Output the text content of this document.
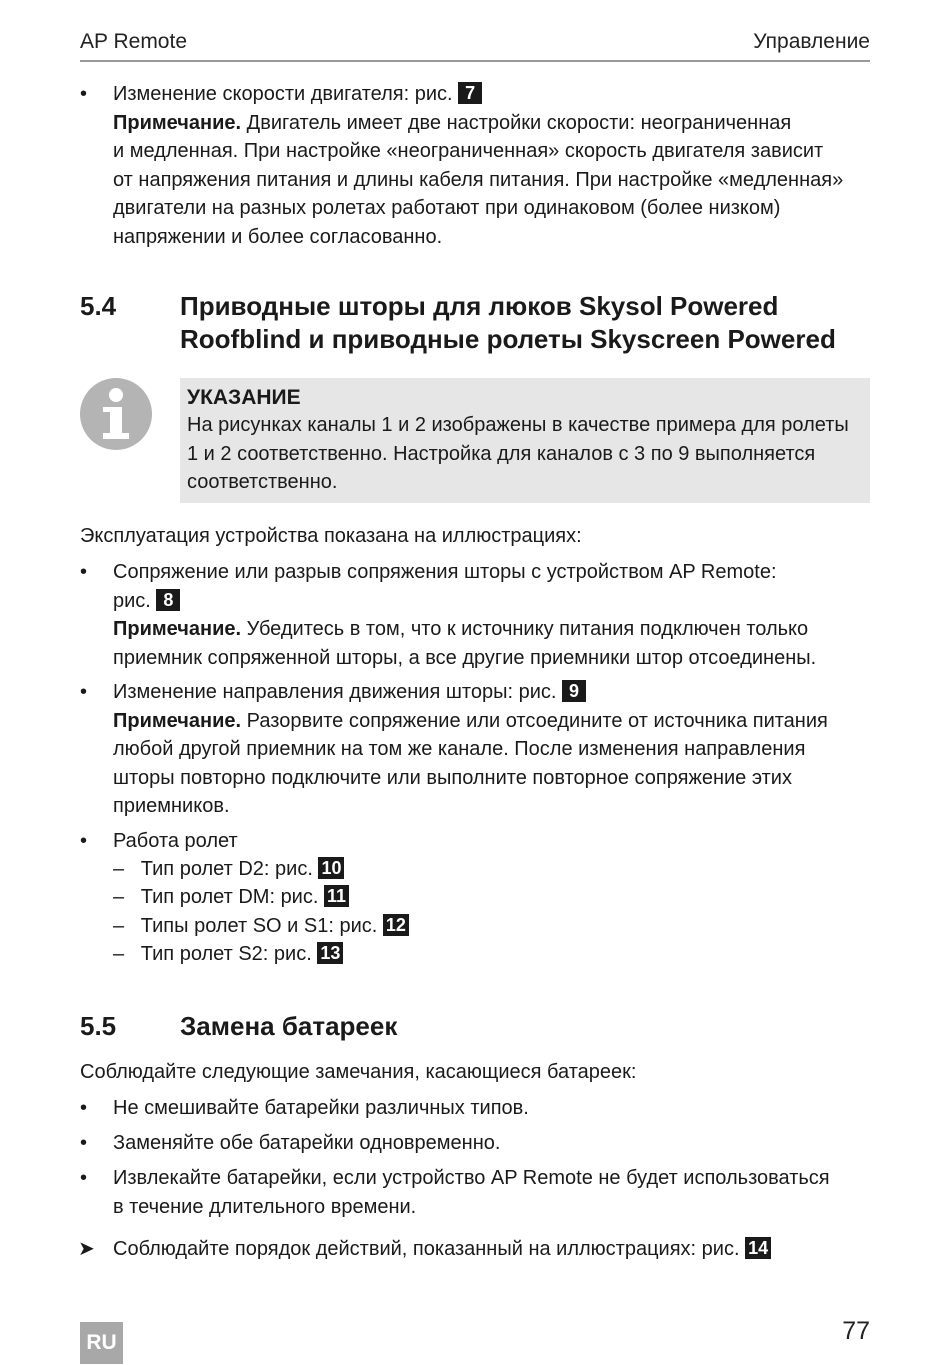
AP Remote	Управление
• Изменение скорости двигателя: рис. 7
Примечание. Двигатель имеет две настройки скорости: неограниченная
и медленная. При настройке «неограниченная» скорость двигателя зависит
от напряжения питания и длины кабеля питания. При настройке «медленная»
двигатели на разных ролетах работают при одинаковом (более низком)
напряжении и более согласованно.
5.4 Приводные шторы для люков Skysol Powered
Roofblind и приводные ролеты Skyscreen Powered
УКАЗАНИЕ
На рисунках каналы 1 и 2 изображены в качестве примера для ролеты
1 и 2 соответственно. Настройка для каналов с 3 по 9 выполняется
соответственно.
Эксплуатация устройства показана на иллюстрациях:
• Сопряжение или разрыв сопряжения шторы с устройством AP Remote:
рис. 8
Примечание. Убедитесь в том, что к источнику питания подключен только
приемник сопряженной шторы, а все другие приемники штор отсоединены.
• Изменение направления движения шторы: рис. 9
Примечание. Разорвите сопряжение или отсоедините от источника питания
любой другой приемник на том же канале. После изменения направления
шторы повторно подключите или выполните повторное сопряжение этих
приемников.
• Работа ролет
– Тип ролет D2: рис. 10
– Тип ролет DM: рис. 11
– Типы ролет SO и S1: рис. 12
– Тип ролет S2: рис. 13
5.5 Замена батареек
Соблюдайте следующие замечания, касающиеся батареек:
• Не смешивайте батарейки различных типов.
• Заменяйте обе батарейки одновременно.
• Извлекайте батарейки, если устройство AP Remote не будет использоваться
в течение длительного времени.
➤ Соблюдайте порядок действий, показанный на иллюстрациях: рис. 14
RU	77
